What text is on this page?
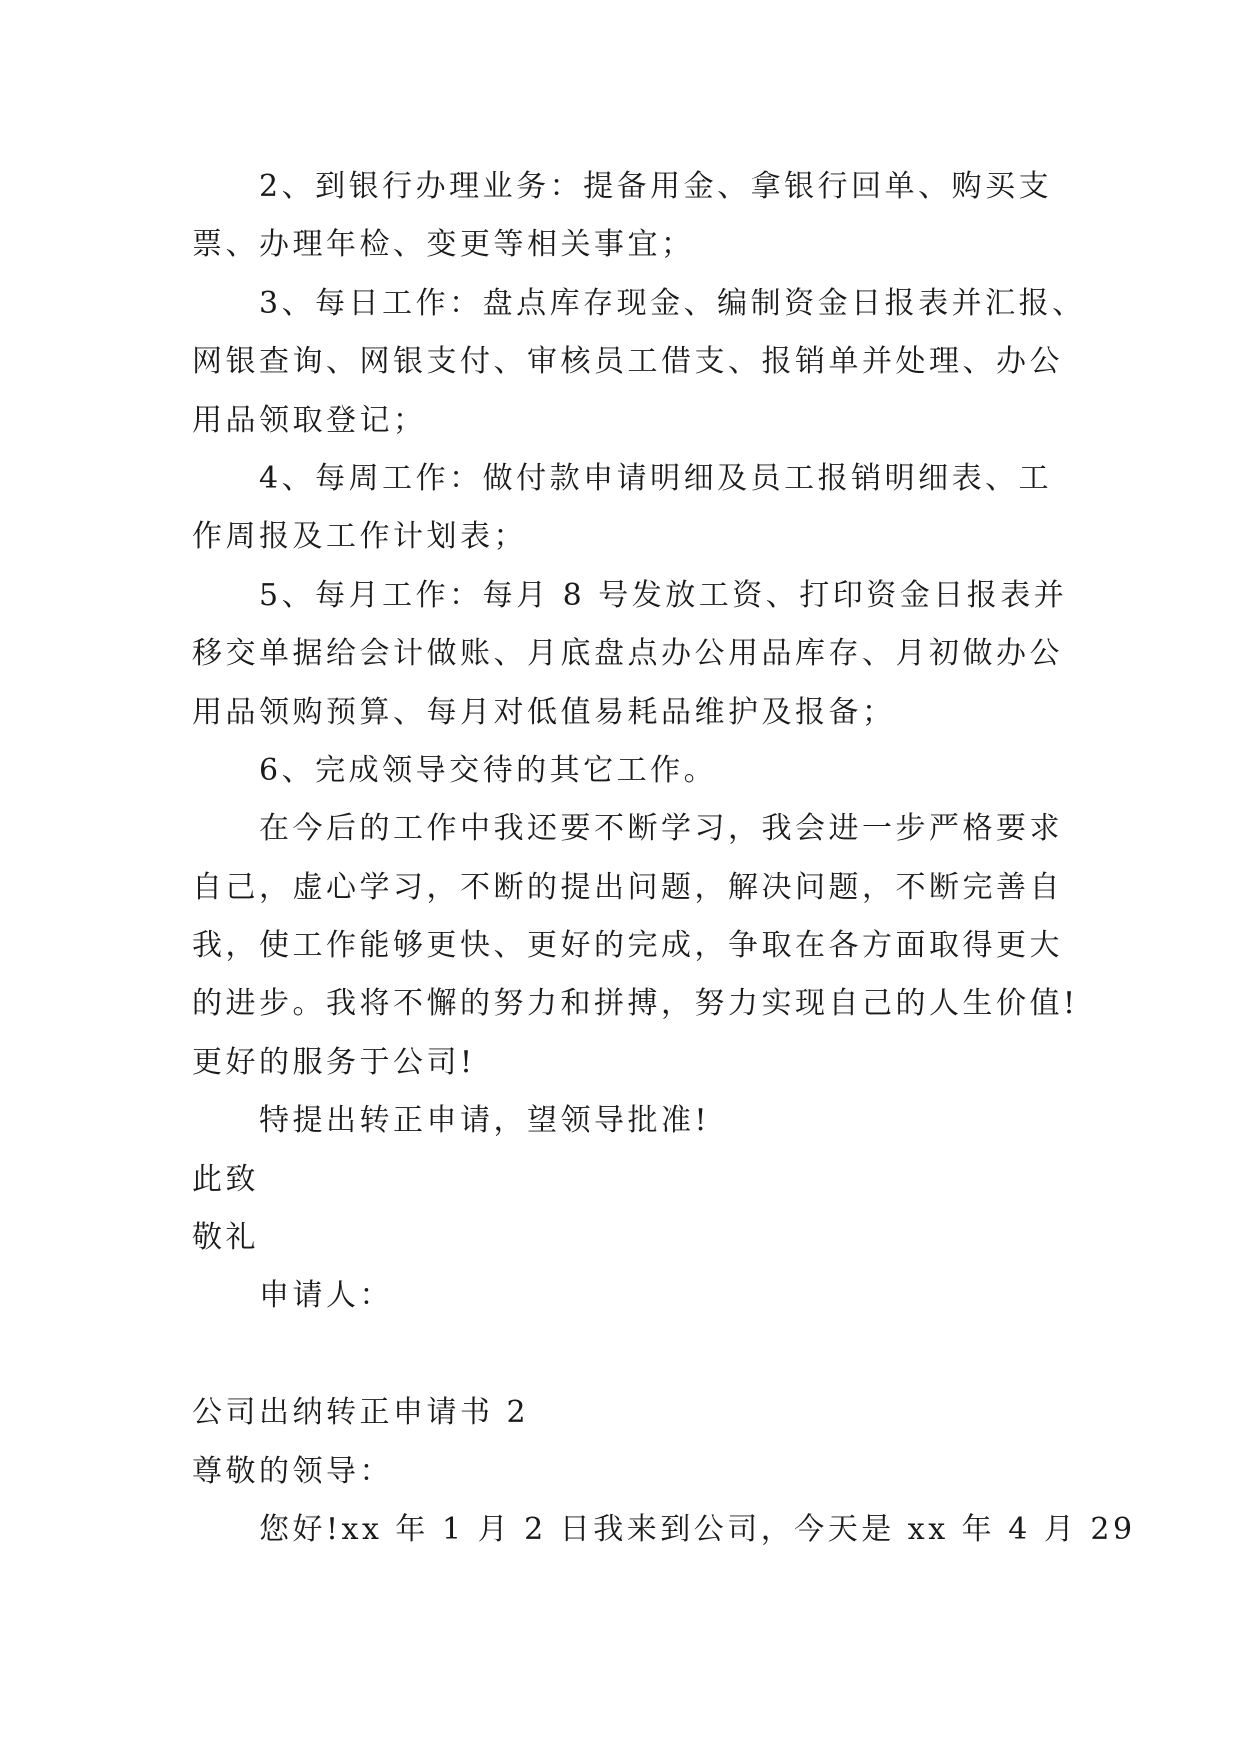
2、到银行办理业务：提备用金、拿银行回单、购买支
票、办理年检、变更等相关事宜；
3、每日工作：盘点库存现金、编制资金日报表并汇报、
网银查询、网银支付、审核员工借支、报销单并处理、办公
用品领取登记；
4、每周工作：做付款申请明细及员工报销明细表、工
作周报及工作计划表；
5、每月工作：每月 8 号发放工资、打印资金日报表并
移交单据给会计做账、月底盘点办公用品库存、月初做办公
用品领购预算、每月对低值易耗品维护及报备；
6、完成领导交待的其它工作。
在今后的工作中我还要不断学习，我会进一步严格要求
自己，虚心学习，不断的提出问题，解决问题，不断完善自
我，使工作能够更快、更好的完成，争取在各方面取得更大
的进步。我将不懈的努力和拼搏，努力实现自己的人生价值!
更好的服务于公司!
特提出转正申请，望领导批准!
此致
敬礼
申请人：
公司出纳转正申请书 2
尊敬的领导：
您好!xx 年 1 月 2 日我来到公司，今天是 xx 年 4 月 29
